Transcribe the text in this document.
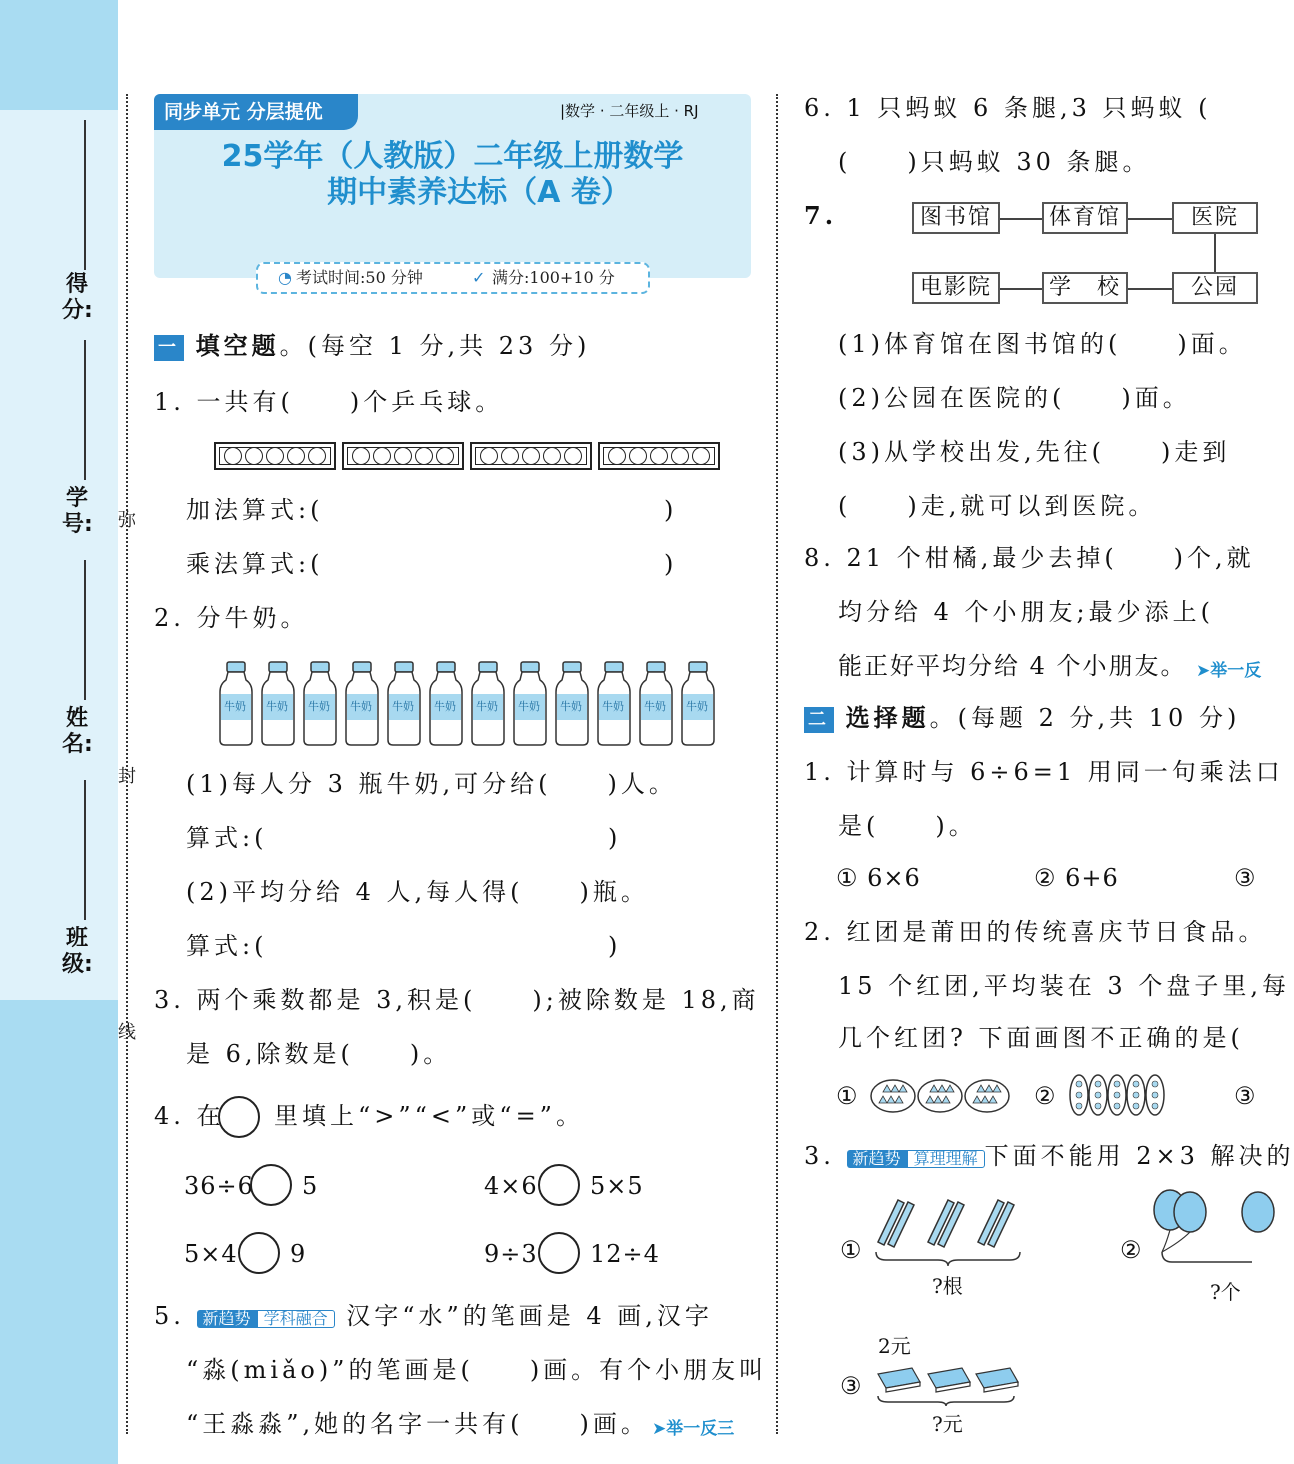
得分:
学号:
姓名:
班级:
弥
封
线
同步单元 分层提优	|数学 · 二年级上 · RJ
25学年（人教版）二年级上册数学
期中素养达标（A 卷）
◔ 考试时间:50 分钟	✓ 满分:100+10 分
一 填空题。(每空 1 分,共 23 分)
1. 一共有(　　)个乒乓球。
加法算式:(	)
乘法算式:(	)
2. 分牛奶。
牛奶 牛奶 牛奶 牛奶 牛奶 牛奶 牛奶 牛奶 牛奶 牛奶 牛奶 牛奶
(1)每人分 3 瓶牛奶,可分给(　　)人。
算式:(	)
(2)平均分给 4 人,每人得(　　)瓶。
算式:(	)
3. 两个乘数都是 3,积是(　　);被除数是 18,商
是 6,除数是(　　)。
4. 在 里填上“>”“<”或“=”。
36÷6 5	4×6 5×5
5×4 9	9÷3 12÷4
5. 新趋势 学科融合 汉字“水”的笔画是 4 画,汉字
“淼(miǎo)”的笔画是(　　)画。有个小朋友叫
“王淼淼”,她的名字一共有(　　)画。 ➤举一反三
6. 1 只蚂蚁 6 条腿,3 只蚂蚁 (
(　　)只蚂蚁 30 条腿。
7.	图书馆	体育馆	医院
电影院	学　校	公园
(1)体育馆在图书馆的(　　)面。
(2)公园在医院的(　　)面。
(3)从学校出发,先往(　　)走到
(　　)走,就可以到医院。
8. 21 个柑橘,最少去掉(　　)个,就
均分给 4 个小朋友;最少添上(
能正好平均分给 4 个小朋友。 ➤举一反
二 选择题。(每题 2 分,共 10 分)
1. 计算时与 6÷6=1 用同一句乘法口
是(　　)。
① 6×6	② 6+6	③
2. 红团是莆田的传统喜庆节日食品。
15 个红团,平均装在 3 个盘子里,每
几个红团? 下面画图不正确的是(
①	②	③
3. 新趋势 算理理解 下面不能用 2×3 解决的
①
?根
②
?个
2元
③
?元
